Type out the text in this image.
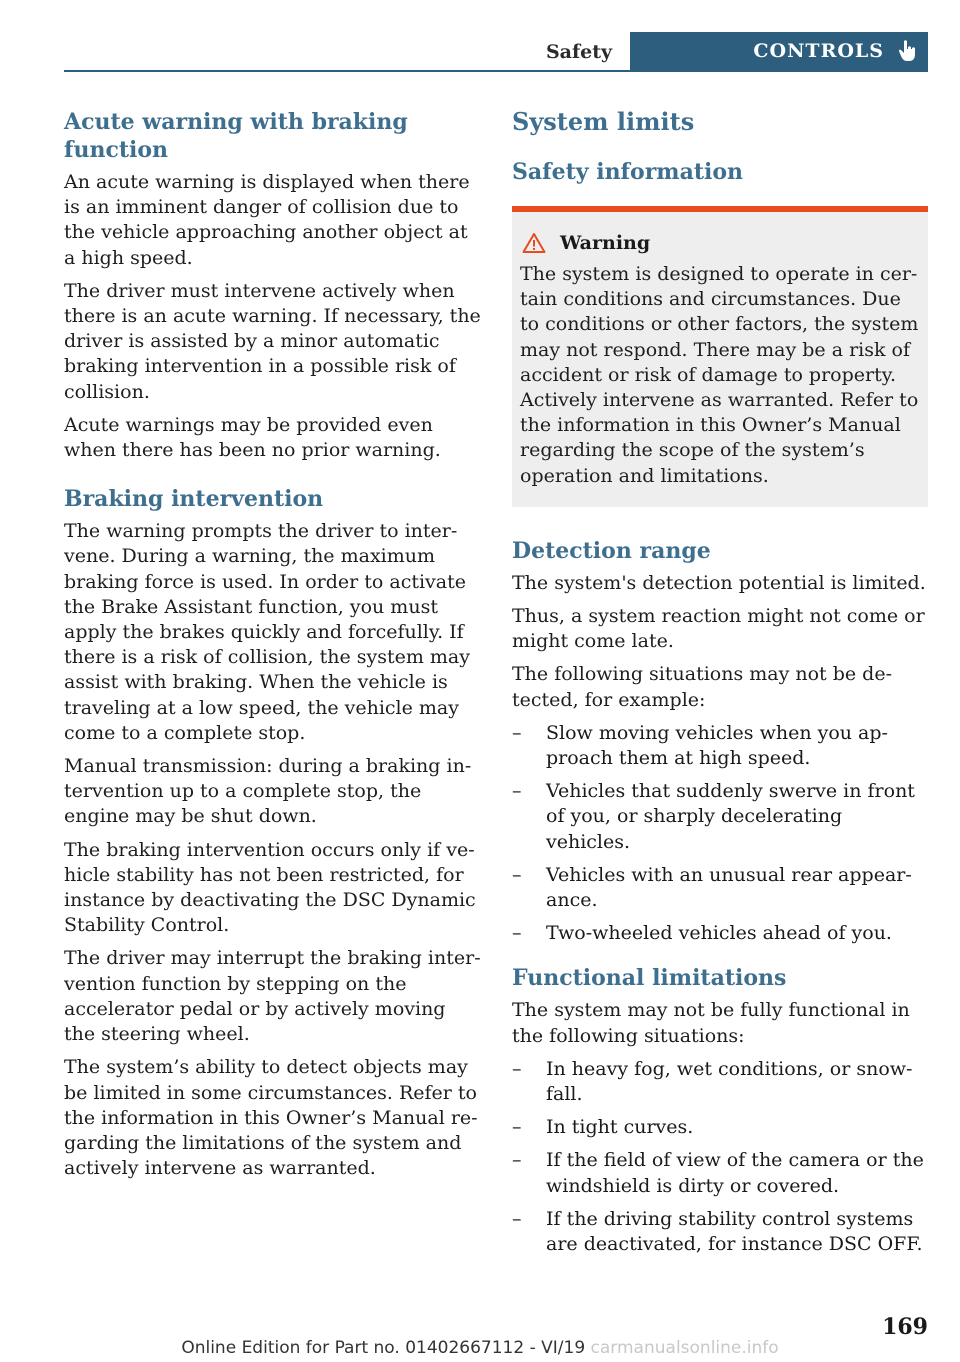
Safety	CONTROLS
Acute warning with braking function

An acute warning is displayed when there is an imminent danger of collision due to the vehicle approaching another object at a high speed.

The driver must intervene actively when there is an acute warning. If necessary, the driver is assisted by a minor automatic braking intervention in a possible risk of collision.

Acute warnings may be provided even when there has been no prior warning.

Braking intervention

The warning prompts the driver to intervene. During a warning, the maximum braking force is used. In order to activate the Brake Assistant function, you must apply the brakes quickly and forcefully. If there is a risk of collision, the system may assist with braking. When the vehicle is traveling at a low speed, the vehicle may come to a complete stop.

Manual transmission: during a braking intervention up to a complete stop, the engine may be shut down.

The braking intervention occurs only if vehicle stability has not been restricted, for instance by deactivating the DSC Dynamic Stability Control.

The driver may interrupt the braking intervention function by stepping on the accelerator pedal or by actively moving the steering wheel.

The system’s ability to detect objects may be limited in some circumstances. Refer to the information in this Owner’s Manual regarding the limitations of the system and actively intervene as warranted.

System limits
Safety information
Warning

The system is designed to operate in certain conditions and circumstances. Due to conditions or other factors, the system may not respond. There may be a risk of accident or risk of damage to property. Actively intervene as warranted. Refer to the information in this Owner’s Manual regarding the scope of the system’s operation and limitations.

Detection range

The system's detection potential is limited.

Thus, a system reaction might not come or might come late.

The following situations may not be detected, for example:

– Slow moving vehicles when you approach them at high speed.
– Vehicles that suddenly swerve in front of you, or sharply decelerating vehicles.
– Vehicles with an unusual rear appearance.
– Two-wheeled vehicles ahead of you.
Functional limitations

The system may not be fully functional in the following situations:

– In heavy fog, wet conditions, or snowfall.
– In tight curves.
– If the field of view of the camera or the windshield is dirty or covered.
– If the driving stability control systems are deactivated, for instance DSC OFF.
169
Online Edition for Part no. 01402667112 - VI/19 carmanualsonline.info
